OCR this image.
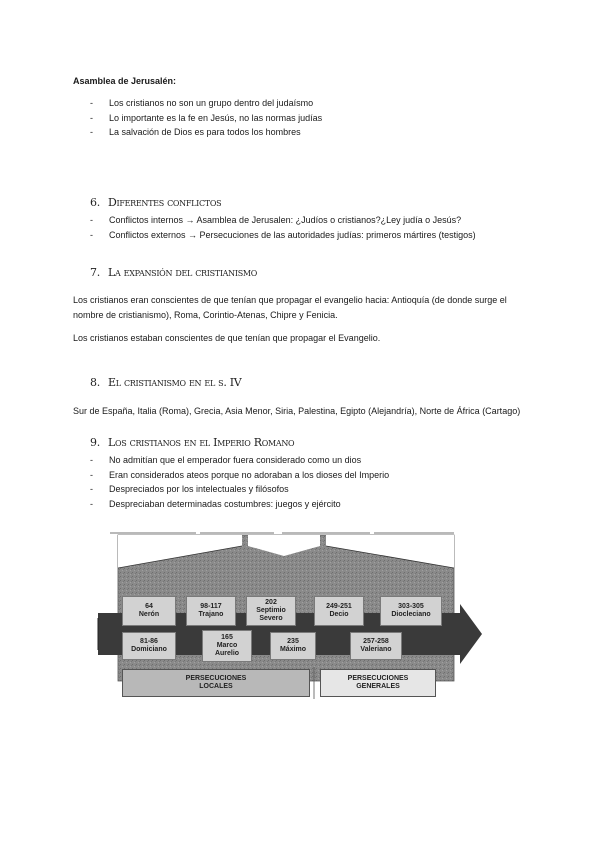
Asamblea de Jerusalén:
- Los cristianos no son un grupo dentro del judaísmo
- Lo importante es la fe en Jesús, no las normas judías
- La salvación de Dios es para todos los hombres
6. Diferentes conflictos
- Conflictos internos → Asamblea de Jerusalen: ¿Judíos o cristianos?¿Ley judía o Jesús?
- Conflictos externos → Persecuciones de las autoridades judías: primeros mártires (testigos)
7. La expansión del cristianismo
Los cristianos eran conscientes de que tenían que propagar el evangelio hacia: Antioquía (de donde surge el nombre de cristianismo), Roma, Corintio-Atenas, Chipre y Fenicia.
Los cristianos estaban conscientes de que tenían que propagar el Evangelio.
8. El cristianismo en el s. IV
Sur de España, Italia (Roma), Grecia, Asia Menor, Siria, Palestina, Egipto (Alejandría), Norte de África (Cartago)
9. Los cristianos en el Imperio Romano
- No admitían que el emperador fuera considerado como un dios
- Eran considerados ateos porque no adoraban a los dioses del Imperio
- Despreciados por los intelectuales y filósofos
- Despreciaban determinadas costumbres: juegos y ejército
64
Nerón
98-117
Trajano
202
Septimio
Severo
249-251
Decio
303-305
Diocleciano
81-86
Domiciano
165
Marco
Aurelio
235
Máximo
257-258
Valeriano
PERSECUCIONES
LOCALES
PERSECUCIONES
GENERALES
